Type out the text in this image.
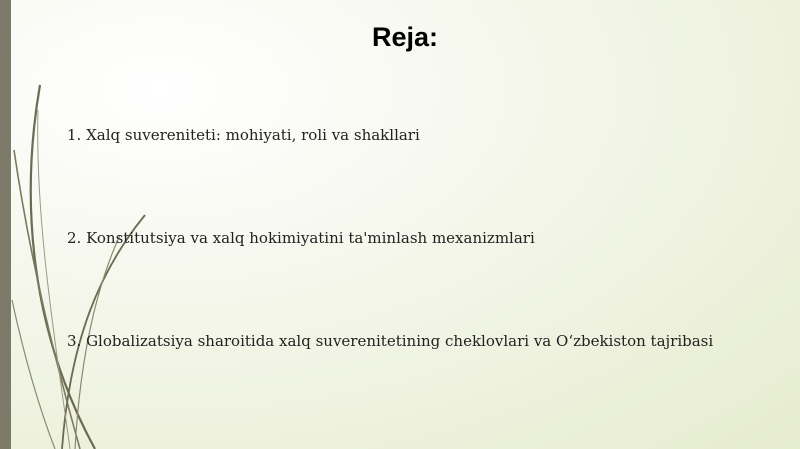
Reja:
1. Xalq suvereniteti: mohiyati, roli va shakllari
2. Konstitutsiya va xalq hokimiyatini ta'minlash mexanizmlari
3. Globalizatsiya sharoitida xalq suverenitetining cheklovlari va O‘zbekiston tajribasi
